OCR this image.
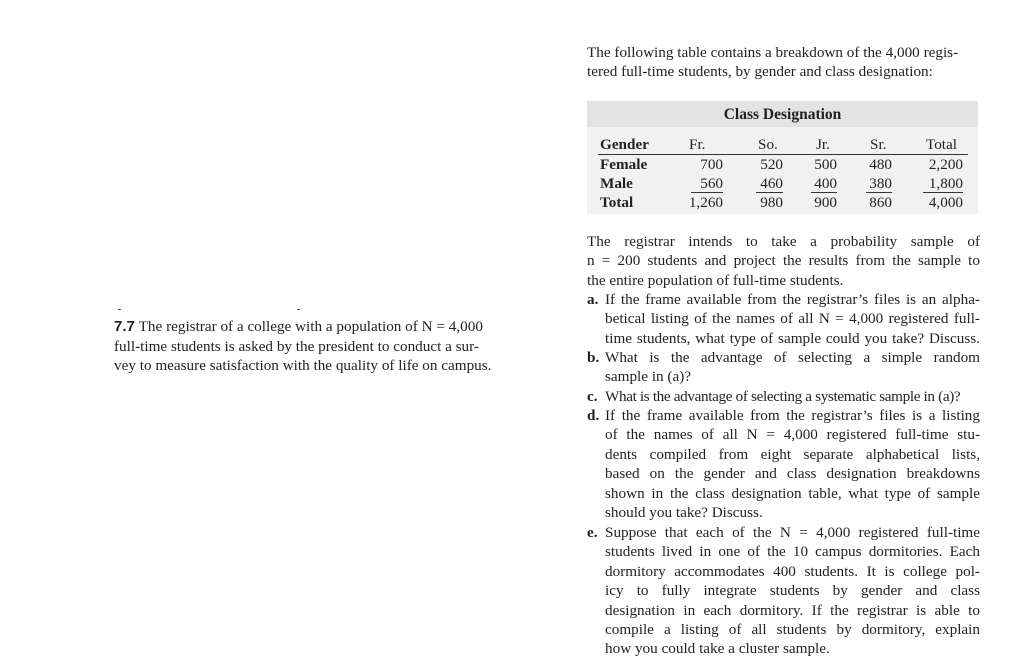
7.7 The registrar of a college with a population of N = 4,000
full-time students is asked by the president to conduct a sur-
vey to measure satisfaction with the quality of life on campus.
The following table contains a breakdown of the 4,000 regis-
tered full-time students, by gender and class designation:
Class Designation
Gender	Fr.	So.	Jr.	Sr.	Total
Female	700	520	500	480	2,200
Male	560	460	400	380	1,800
Total	1,260	980	900	860	4,000
The registrar intends to take a probability sample of
n = 200 students and project the results from the sample to
the entire population of full-time students.
a. If the frame available from the registrar’s files is an alpha-
betical listing of the names of all N = 4,000 registered full-
time students, what type of sample could you take? Discuss.
b. What is the advantage of selecting a simple random
sample in (a)?
c. What is the advantage of selecting a systematic sample in (a)?
d. If the frame available from the registrar’s files is a listing
of the names of all N = 4,000 registered full-time stu-
dents compiled from eight separate alphabetical lists,
based on the gender and class designation breakdowns
shown in the class designation table, what type of sample
should you take? Discuss.
e. Suppose that each of the N = 4,000 registered full-time
students lived in one of the 10 campus dormitories. Each
dormitory accommodates 400 students. It is college pol-
icy to fully integrate students by gender and class
designation in each dormitory. If the registrar is able to
compile a listing of all students by dormitory, explain
how you could take a cluster sample.
